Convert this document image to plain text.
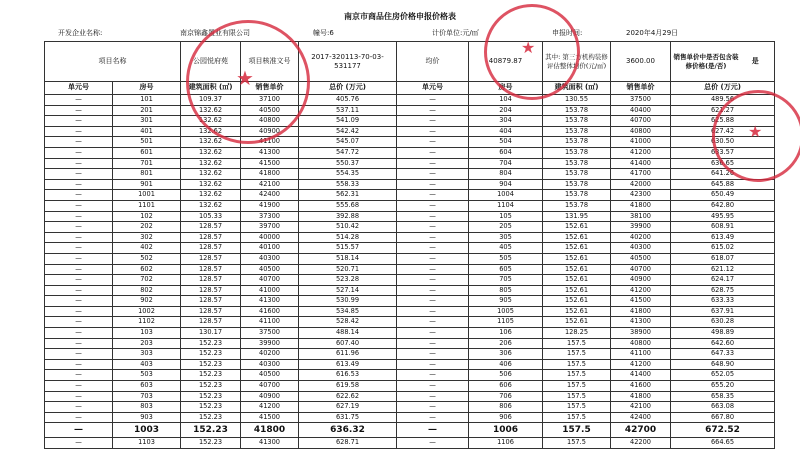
南京市商品住房价格申报价格表
开发企业名称:	南京锦鑫置业有限公司	幢号:6	计价单位:元/㎡	申报时间:	2020年4月29日
项目名称		公园悦府苑	项目核准文号	2017-320113-70-03-531177	均价	40879.87	其中: 第三方机构装修评估整体均价(元/㎡)	3600.00	销售单价中是否包含装修价格(是/否) 是
单元号	房号	建筑面积 (㎡)	销售单价	总价 (万元)	单元号	房号	建筑面积 (㎡)	销售单价	总价 (万元)
—	101	109.37	37100	405.76	—	104	130.55	37500	489.56
—	201	132.62	40500	537.11	—	204	153.78	40400	621.27
—	301	132.62	40800	541.09	—	304	153.78	40700	625.88
—	401	132.62	40900	542.42	—	404	153.78	40800	627.42
—	501	132.62	41100	545.07	—	504	153.78	41000	630.50
—	601	132.62	41300	547.72	—	604	153.78	41200	633.57
—	701	132.62	41500	550.37	—	704	153.78	41400	636.65
—	801	132.62	41800	554.35	—	804	153.78	41700	641.26
—	901	132.62	42100	558.33	—	904	153.78	42000	645.88
—	1001	132.62	42400	562.31	—	1004	153.78	42300	650.49
—	1101	132.62	41900	555.68	—	1104	153.78	41800	642.80
—	102	105.33	37300	392.88	—	105	131.95	38100	495.95
—	202	128.57	39700	510.42	—	205	152.61	39900	608.91
—	302	128.57	40000	514.28	—	305	152.61	40200	613.49
—	402	128.57	40100	515.57	—	405	152.61	40300	615.02
—	502	128.57	40300	518.14	—	505	152.61	40500	618.07
—	602	128.57	40500	520.71	—	605	152.61	40700	621.12
—	702	128.57	40700	523.28	—	705	152.61	40900	624.17
—	802	128.57	41000	527.14	—	805	152.61	41200	628.75
—	902	128.57	41300	530.99	—	905	152.61	41500	633.33
—	1002	128.57	41600	534.85	—	1005	152.61	41800	637.91
—	1102	128.57	41100	528.42	—	1105	152.61	41300	630.28
—	103	130.17	37500	488.14	—	106	128.25	38900	498.89
—	203	152.23	39900	607.40	—	206	157.5	40800	642.60
—	303	152.23	40200	611.96	—	306	157.5	41100	647.33
—	403	152.23	40300	613.49	—	406	157.5	41200	648.90
—	503	152.23	40500	616.53	—	506	157.5	41400	652.05
—	603	152.23	40700	619.58	—	606	157.5	41600	655.20
—	703	152.23	40900	622.62	—	706	157.5	41800	658.35
—	803	152.23	41200	627.19	—	806	157.5	42100	663.08
—	903	152.23	41500	631.75	—	906	157.5	42400	667.80
—	1003	152.23	41800	636.32	—	1006	157.5	42700	672.52
—	1103	152.23	41300	628.71	—	1106	157.5	42200	664.65
★
★
★
